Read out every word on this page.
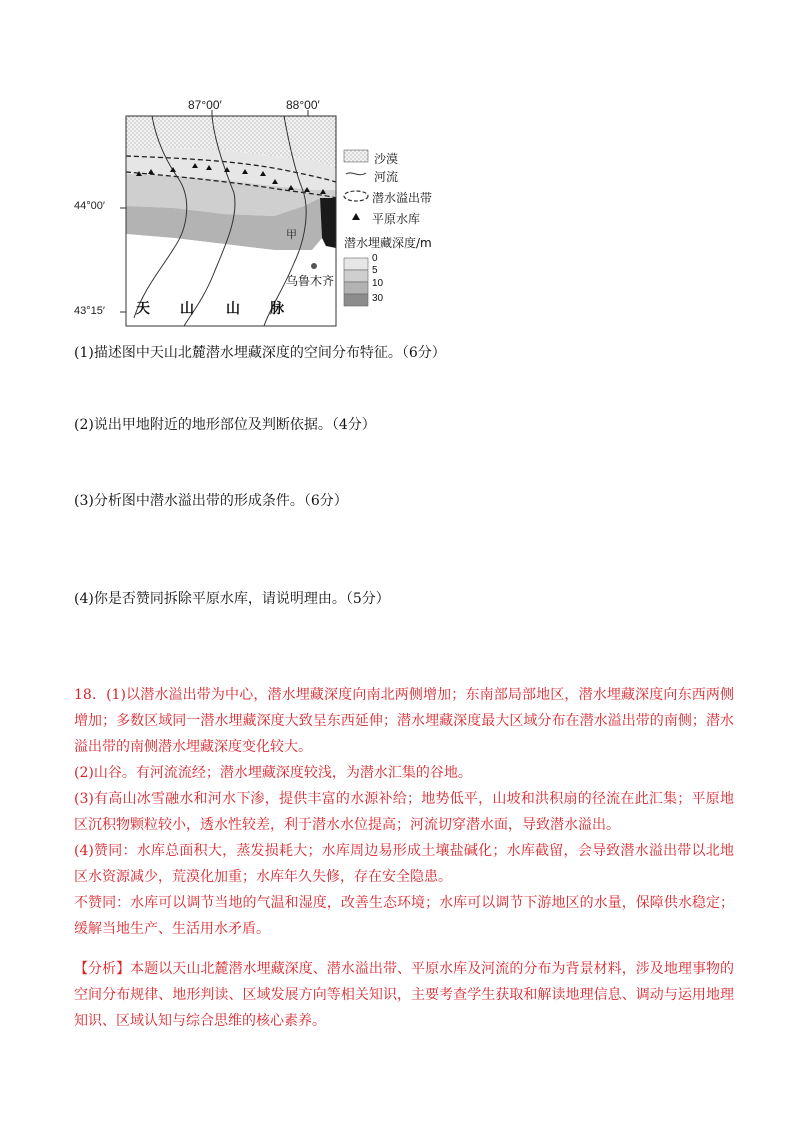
87°00′	88°00′
44°00′
43°15′ 天 山 山 脉
乌鲁木齐
甲
沙漠
河流
潜水溢出带
平原水库
潜水埋藏深度/m
0
5
10
30
(1)描述图中天山北麓潜水埋藏深度的空间分布特征。（6分）
(2)说出甲地附近的地形部位及判断依据。（4分）
(3)分析图中潜水溢出带的形成条件。（6分）
(4)你是否赞同拆除平原水库，请说明理由。（5分）

18．(1)以潜水溢出带为中心，潜水埋藏深度向南北两侧增加；东南部局部地区，潜水埋藏深度向东西两侧增加；多数区域同一潜水埋藏深度大致呈东西延伸；潜水埋藏深度最大区域分布在潜水溢出带的南侧；潜水溢出带的南侧潜水埋藏深度变化较大。

(2)山谷。有河流流经；潜水埋藏深度较浅，为潜水汇集的谷地。

(3)有高山冰雪融水和河水下渗，提供丰富的水源补给；地势低平，山坡和洪积扇的径流在此汇集；平原地区沉积物颗粒较小，透水性较差，利于潜水水位提高；河流切穿潜水面，导致潜水溢出。

(4)赞同：水库总面积大，蒸发损耗大；水库周边易形成土壤盐碱化；水库截留，会导致潜水溢出带以北地区水资源减少，荒漠化加重；水库年久失修，存在安全隐患。

不赞同：水库可以调节当地的气温和湿度，改善生态环境；水库可以调节下游地区的水量，保障供水稳定；缓解当地生产、生活用水矛盾。

【分析】本题以天山北麓潜水埋藏深度、潜水溢出带、平原水库及河流的分布为背景材料，涉及地理事物的空间分布规律、地形判读、区域发展方向等相关知识，主要考查学生获取和解读地理信息、调动与运用地理知识、区域认知与综合思维的核心素养。
